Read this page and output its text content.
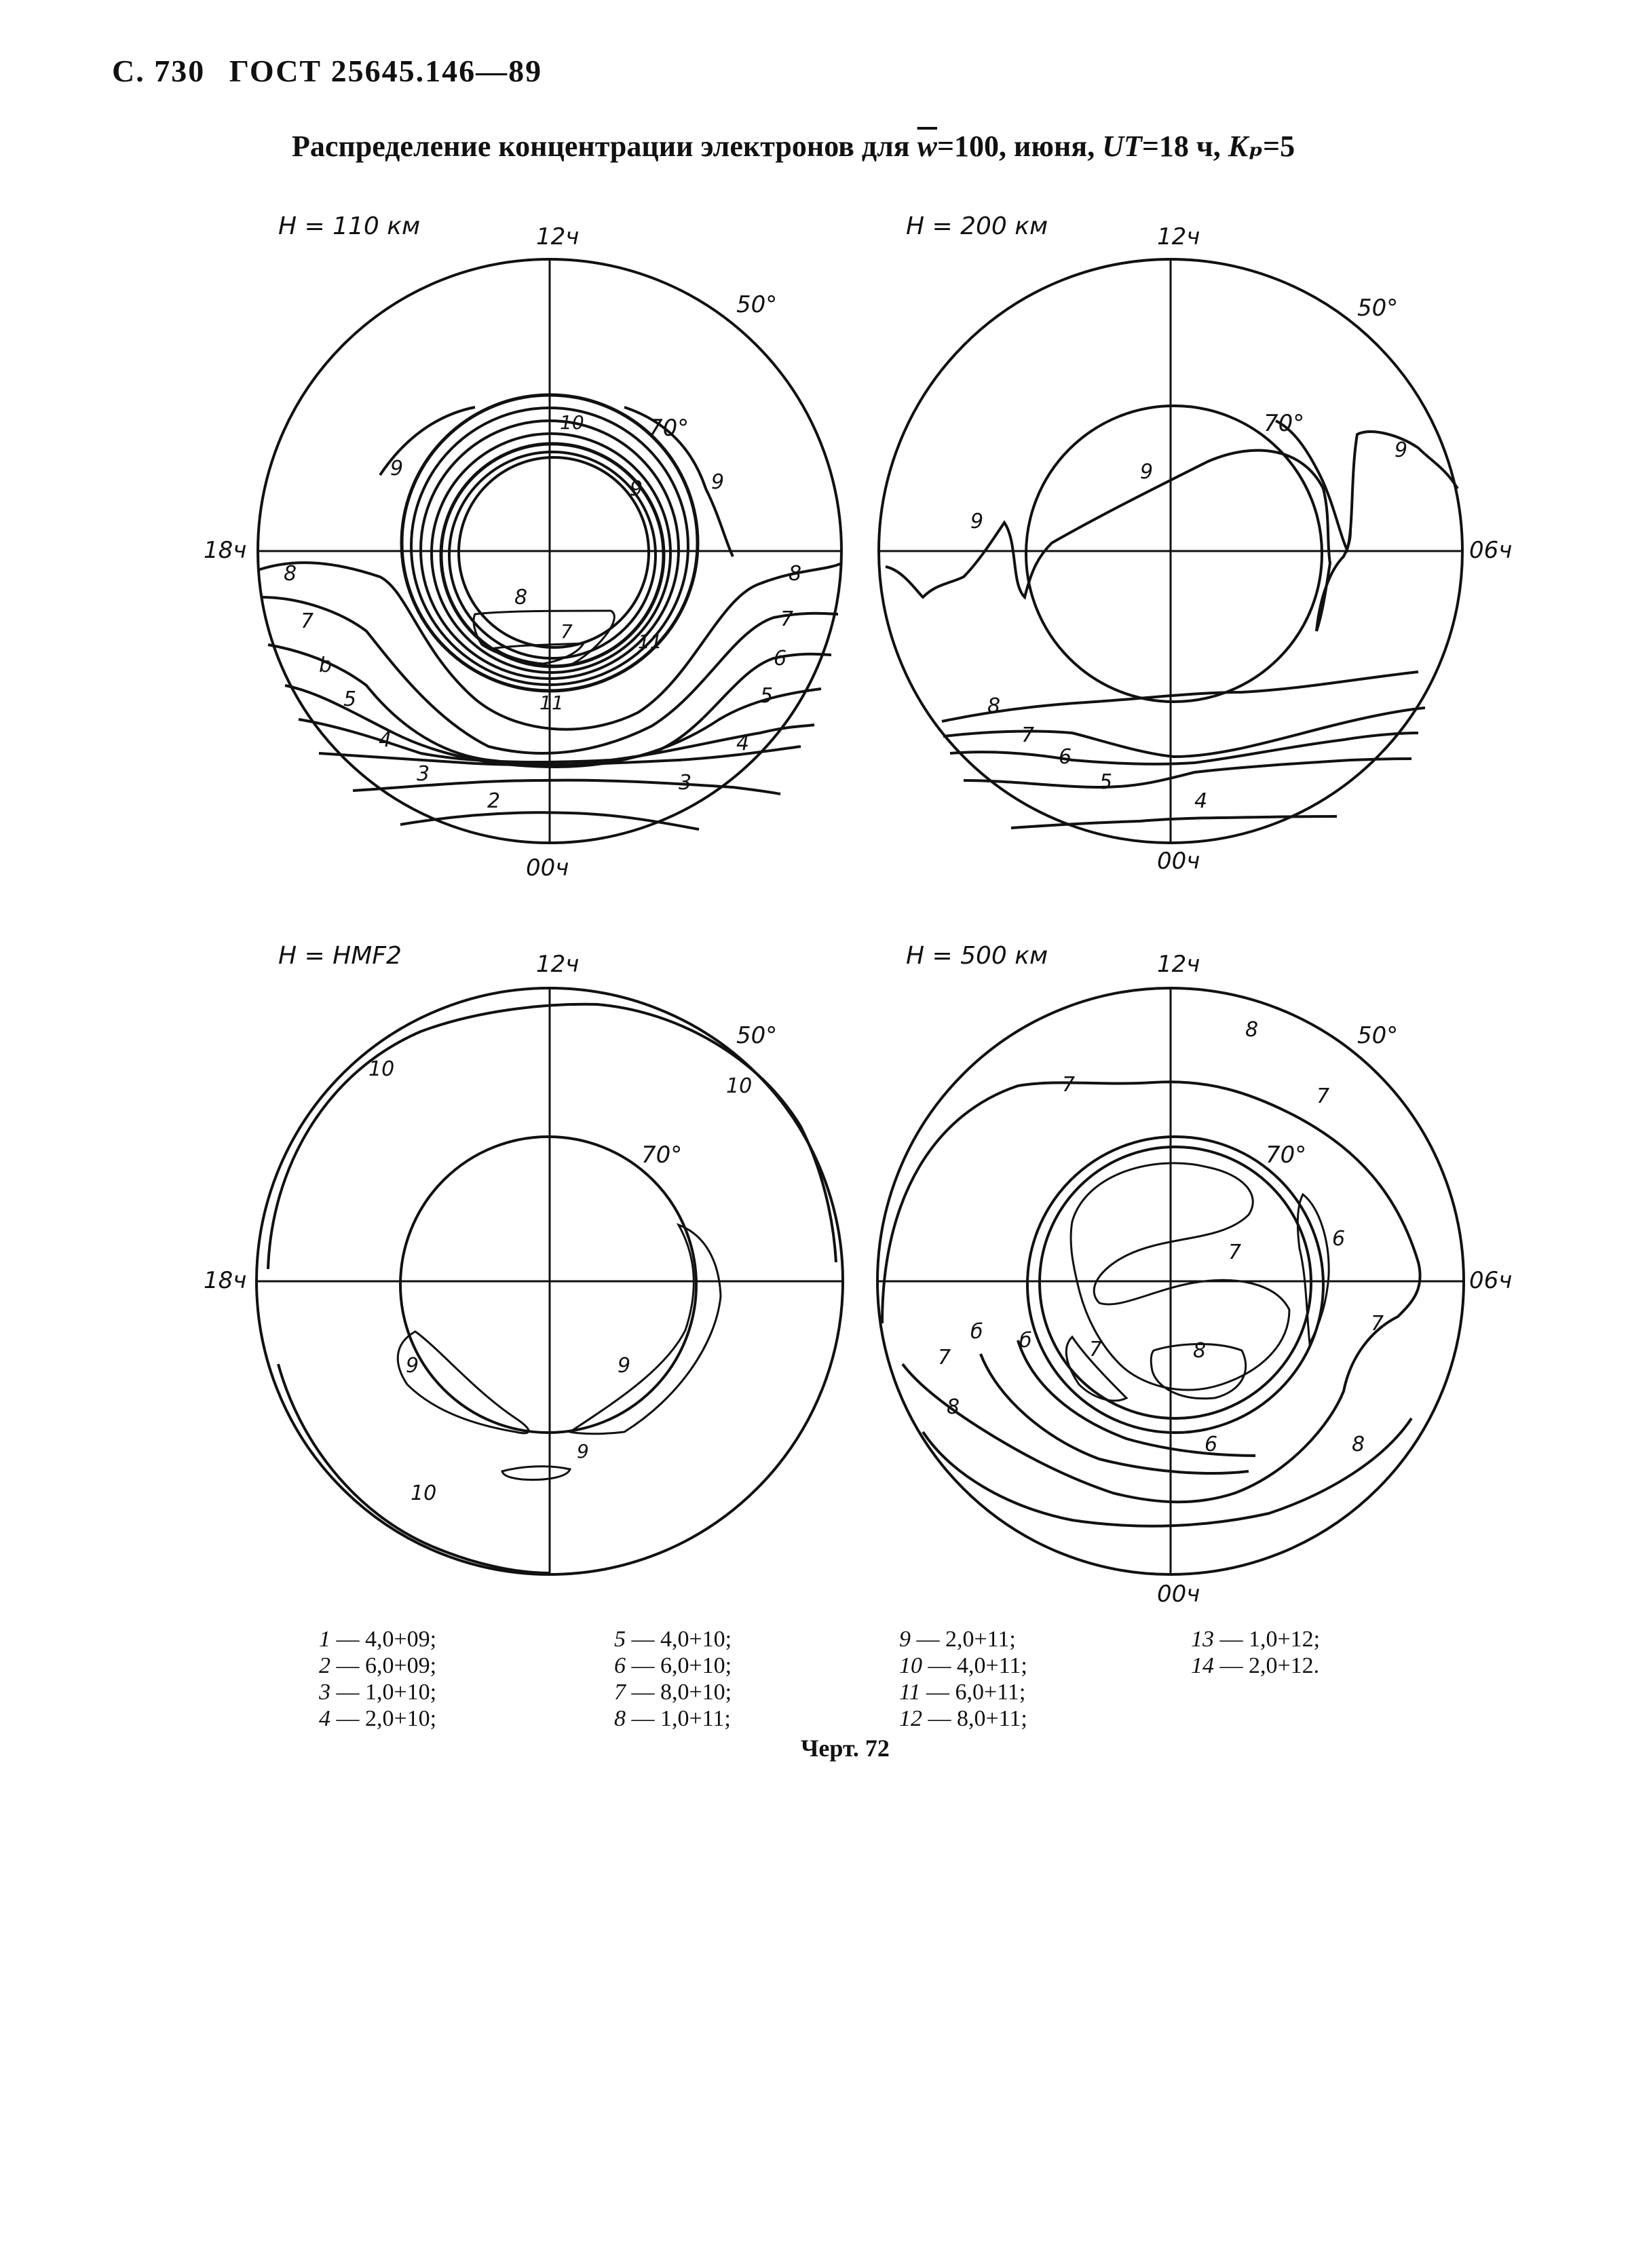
С. 730 ГОСТ 25645.146—89
Распределение концентрации электронов для $\overline{w}=100$, июня, UT=18 ч, Kₚ=5
H = 110 км	12ч
00ч
18ч
50°
70°
10
9
9	9
8	8
7	7
b	6
5	5
4	4
3	3
2
11
11
7
8
H = 200 км	12ч
00ч
06ч
50°
70°
9
9
9
8
7
6
5
4
H = HMF2	12ч
18ч
50°
70°
10
10
10
9	9
9
H = 500 км	12ч
00ч
06ч
50°
70°
8
7	7
6
7
8
7
б
7
б
6
7
8
8
1 — 4,0+09;
2 — 6,0+09;
3 — 1,0+10;
4 — 2,0+10;
5 — 4,0+10;
6 — 6,0+10;
7 — 8,0+10;
8 — 1,0+11;
9 — 2,0+11;
10 — 4,0+11;
11 — 6,0+11;
12 — 8,0+11;
13 — 1,0+12;
14 — 2,0+12.
Черт. 72
